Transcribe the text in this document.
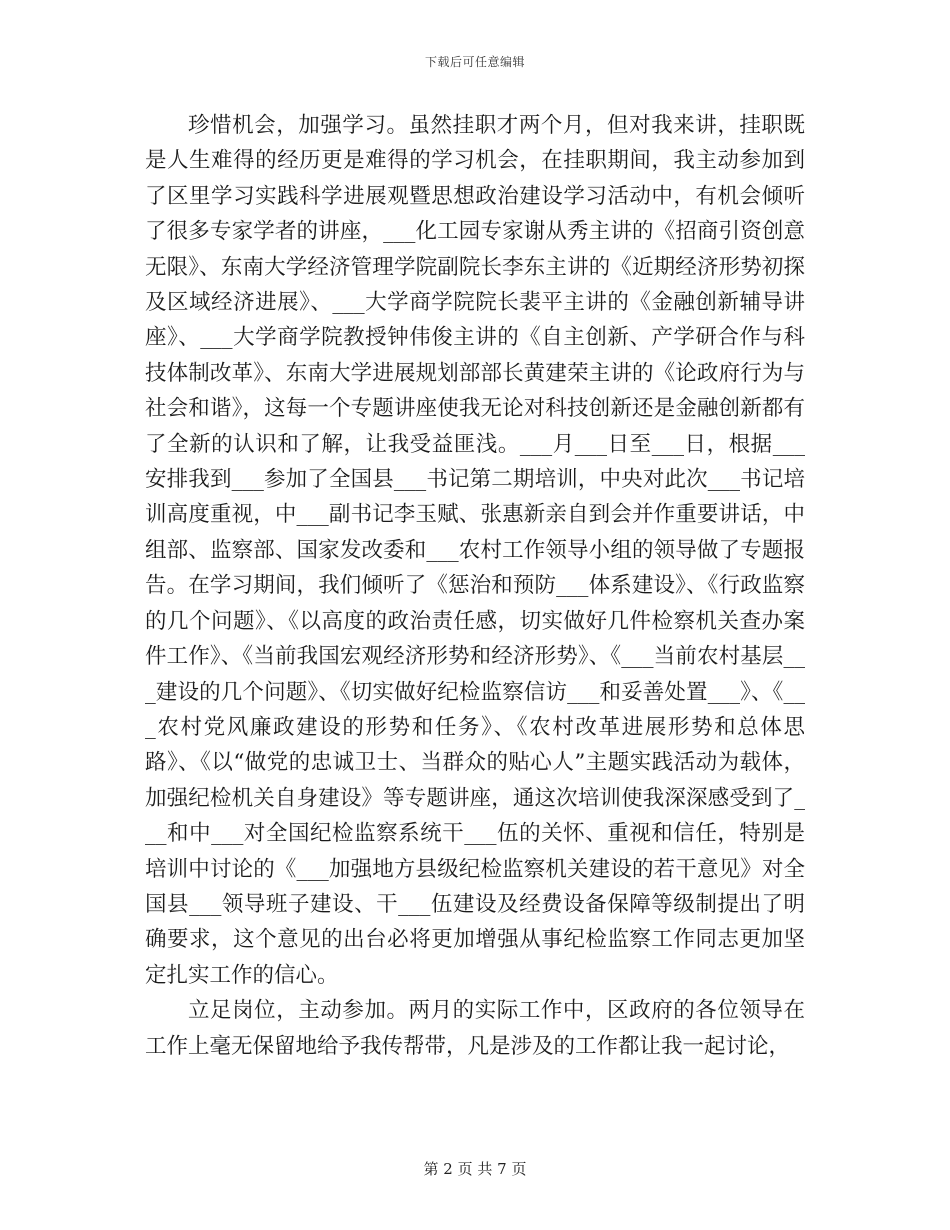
下载后可任意编辑

珍惜机会，加强学习。虽然挂职才两个月，但对我来讲，挂职既是人生难得的经历更是难得的学习机会，在挂职期间，我主动参加到了区里学习实践科学进展观暨思想政治建设学习活动中，有机会倾听了很多专家学者的讲座，___化工园专家谢从秀主讲的《招商引资创意无限》、东南大学经济管理学院副院长李东主讲的《近期经济形势初探及区域经济进展》、___大学商学院院长裴平主讲的《金融创新辅导讲座》、___大学商学院教授钟伟俊主讲的《自主创新、产学研合作与科技体制改革》、东南大学进展规划部部长黄建荣主讲的《论政府行为与社会和谐》，这每一个专题讲座使我无论对科技创新还是金融创新都有了全新的认识和了解，让我受益匪浅。___月___日至___日，根据___安排我到___参加了全国县___书记第二期培训，中央对此次___书记培训高度重视，中___副书记李玉赋、张惠新亲自到会并作重要讲话，中组部、监察部、国家发改委和___农村工作领导小组的领导做了专题报告。在学习期间，我们倾听了《惩治和预防___体系建设》、《行政监察的几个问题》、《以高度的政治责任感，切实做好几件检察机关查办案件工作》、《当前我国宏观经济形势和经济形势》、《___当前农村基层___建设的几个问题》、《切实做好纪检监察信访___和妥善处置___》、《___农村党风廉政建设的形势和任务》、《农村改革进展形势和总体思路》、《以“做党的忠诚卫士、当群众的贴心人”主题实践活动为载体，加强纪检机关自身建设》等专题讲座，通这次培训使我深深感受到了___和中___对全国纪检监察系统干___伍的关怀、重视和信任，特别是培训中讨论的《___加强地方县级纪检监察机关建设的若干意见》对全国县___领导班子建设、干___伍建设及经费设备保障等级制提出了明确要求，这个意见的出台必将更加增强从事纪检监察工作同志更加坚定扎实工作的信心。

立足岗位，主动参加。两月的实际工作中，区政府的各位领导在工作上毫无保留地给予我传帮带，凡是涉及的工作都让我一起讨论，

第 2 页 共 7 页
